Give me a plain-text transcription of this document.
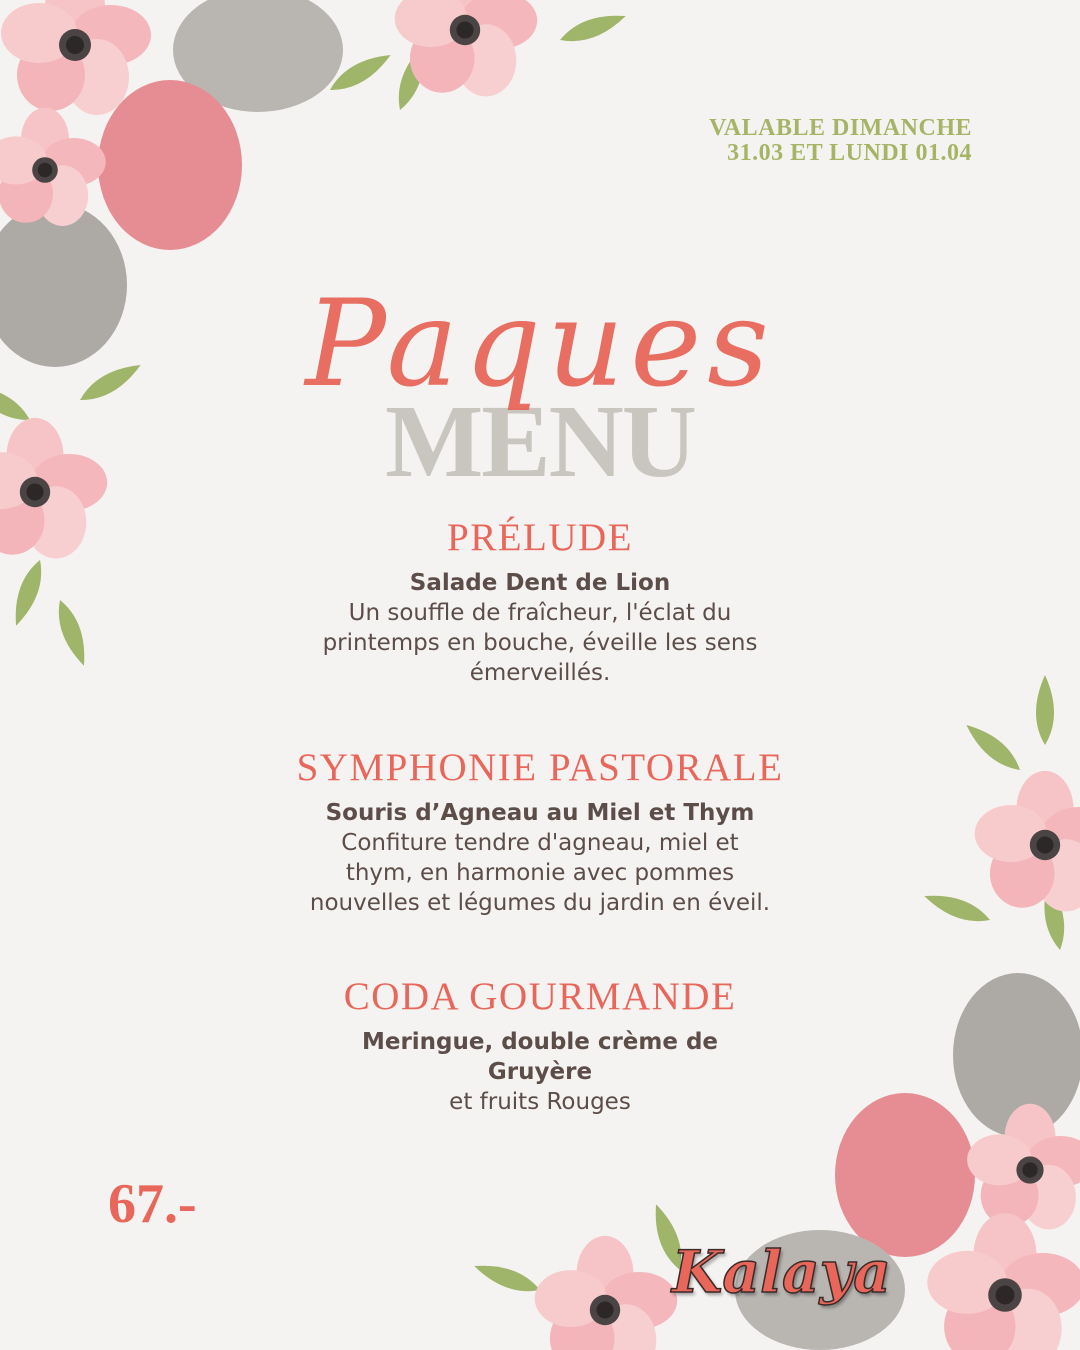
VALABLE DIMANCHE
31.03 ET LUNDI 01.04
MENU
Paques
PRÉLUDE
Salade Dent de Lion
Un souffle de fraîcheur, l'éclat du
printemps en bouche, éveille les sens
émerveillés.
SYMPHONIE PASTORALE
Souris d’Agneau au Miel et Thym
Confiture tendre d'agneau, miel et
thym, en harmonie avec pommes
nouvelles et légumes du jardin en éveil.
CODA GOURMANDE
Meringue, double crème de
Gruyère
et fruits Rouges
67.-
Kalaya
